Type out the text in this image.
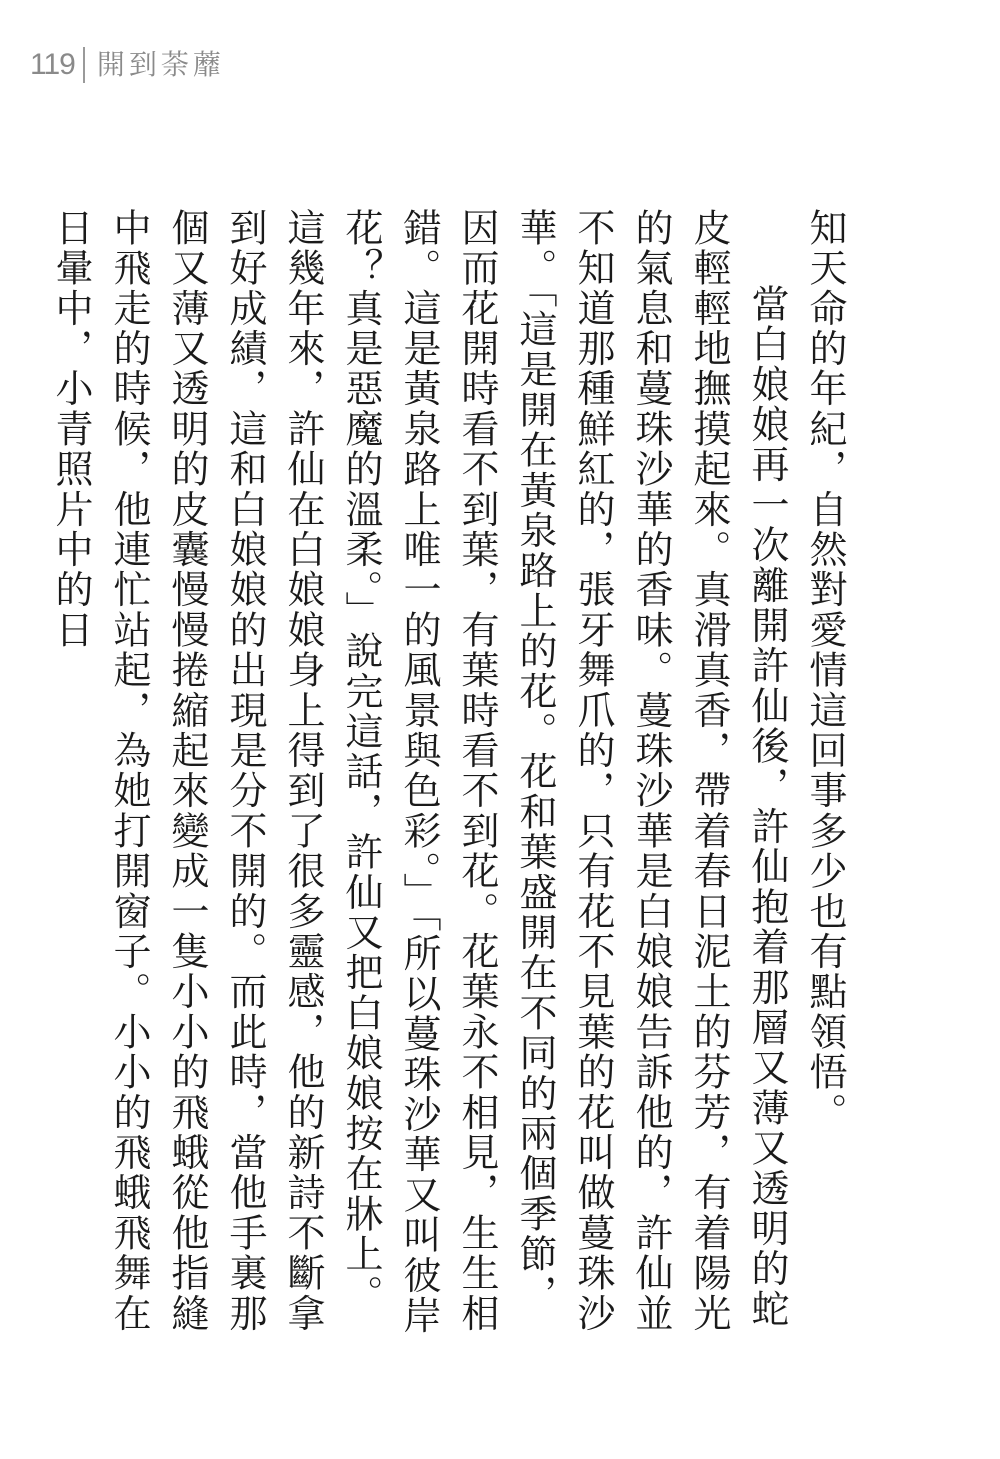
119 開到荼蘼

知天命的年紀，自然對愛情這回事多少也有點領悟。

當白娘娘再一次離開許仙後，許仙抱着那層又薄又透明的蛇皮輕輕地撫摸起來。真滑真香，帶着春日泥土的芬芳，有着陽光的氣息和蔓珠沙華的香味。蔓珠沙華是白娘娘告訴他的，許仙並不知道那種鮮紅的，張牙舞爪的，只有花不見葉的花叫做蔓珠沙華。「這是開在黃泉路上的花。花和葉盛開在不同的兩個季節，因而花開時看不到葉，有葉時看不到花。花葉永不相見，生生相錯。這是黃泉路上唯一的風景與色彩。」「所以蔓珠沙華又叫彼岸花？真是惡魔的溫柔。」說完這話，許仙又把白娘娘按在牀上。這幾年來，許仙在白娘娘身上得到了很多靈感，他的新詩不斷拿到好成績，這和白娘娘的出現是分不開的。而此時，當他手裏那個又薄又透明的皮囊慢慢捲縮起來變成一隻小小的飛蛾從他指縫中飛走的時候，他連忙站起，為她打開窗子。小小的飛蛾飛舞在日暈中，小青照片中的日
